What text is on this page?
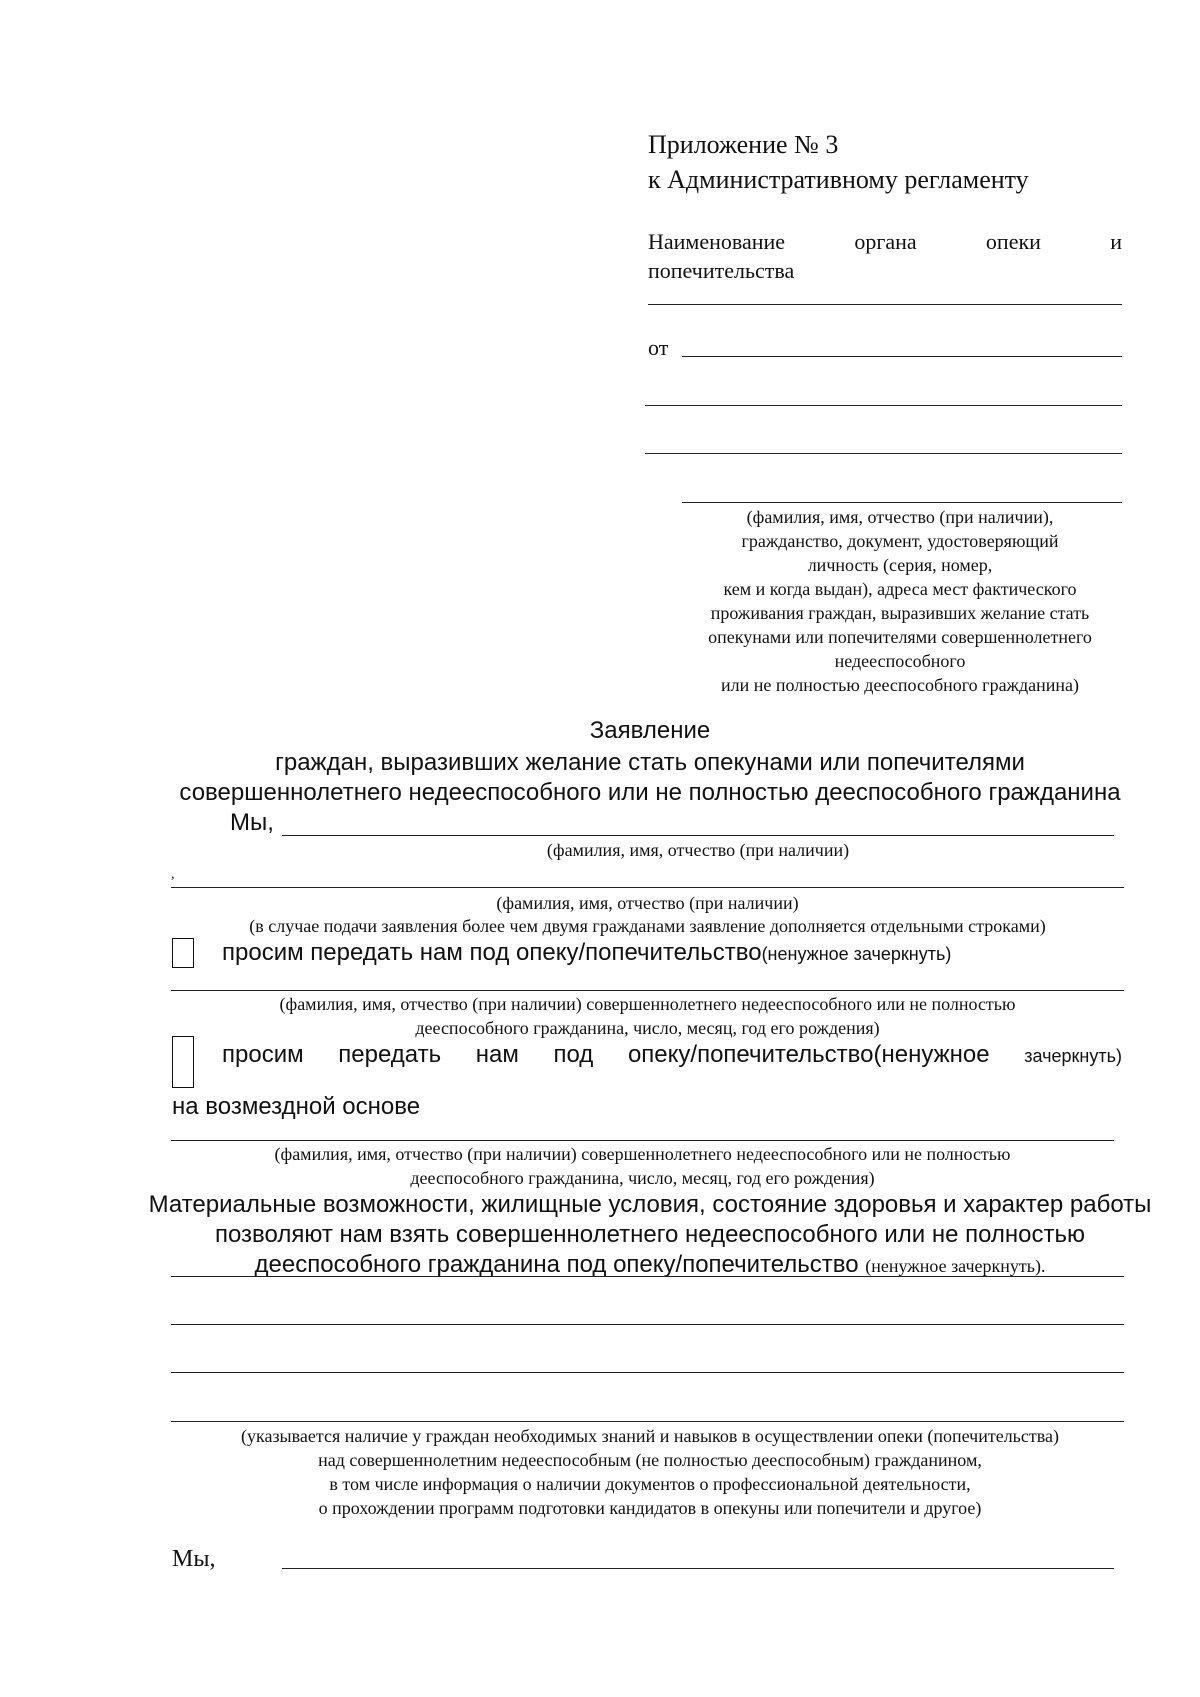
Приложение № 3
к Административному регламенту
Наименование	органа	опеки	и
попечительства
от
(фамилия, имя, отчество (при наличии),
гражданство, документ, удостоверяющий
личность (серия, номер,
кем и когда выдан), адреса мест фактического
проживания граждан, выразивших желание стать
опекунами или попечителями совершеннолетнего
недееспособного
или не полностью дееспособного гражданина)
Заявление
граждан, выразивших желание стать опекунами или попечителями
совершеннолетнего недееспособного или не полностью дееспособного гражданина
Мы,
(фамилия, имя, отчество (при наличии)
,
(фамилия, имя, отчество (при наличии)
(в случае подачи заявления более чем двумя гражданами заявление дополняется отдельными строками)
просим передать нам под опеку/попечительство(ненужное зачеркнуть)
(фамилия, имя, отчество (при наличии) совершеннолетнего недееспособного или не полностью
дееспособного гражданина, число, месяц, год его рождения)
просим передать нам под опеку/попечительство(ненужное зачеркнуть)
на возмездной основе
(фамилия, имя, отчество (при наличии) совершеннолетнего недееспособного или не полностью
дееспособного гражданина, число, месяц, год его рождения)
Материальные возможности, жилищные условия, состояние здоровья и характер работы
позволяют нам взять совершеннолетнего недееспособного или не полностью
дееспособного гражданина под опеку/попечительство (ненужное зачеркнуть).
(указывается наличие у граждан необходимых знаний и навыков в осуществлении опеки (попечительства)
над совершеннолетним недееспособным (не полностью дееспособным) гражданином,
в том числе информация о наличии документов о профессиональной деятельности,
о прохождении программ подготовки кандидатов в опекуны или попечители и другое)
Мы,
